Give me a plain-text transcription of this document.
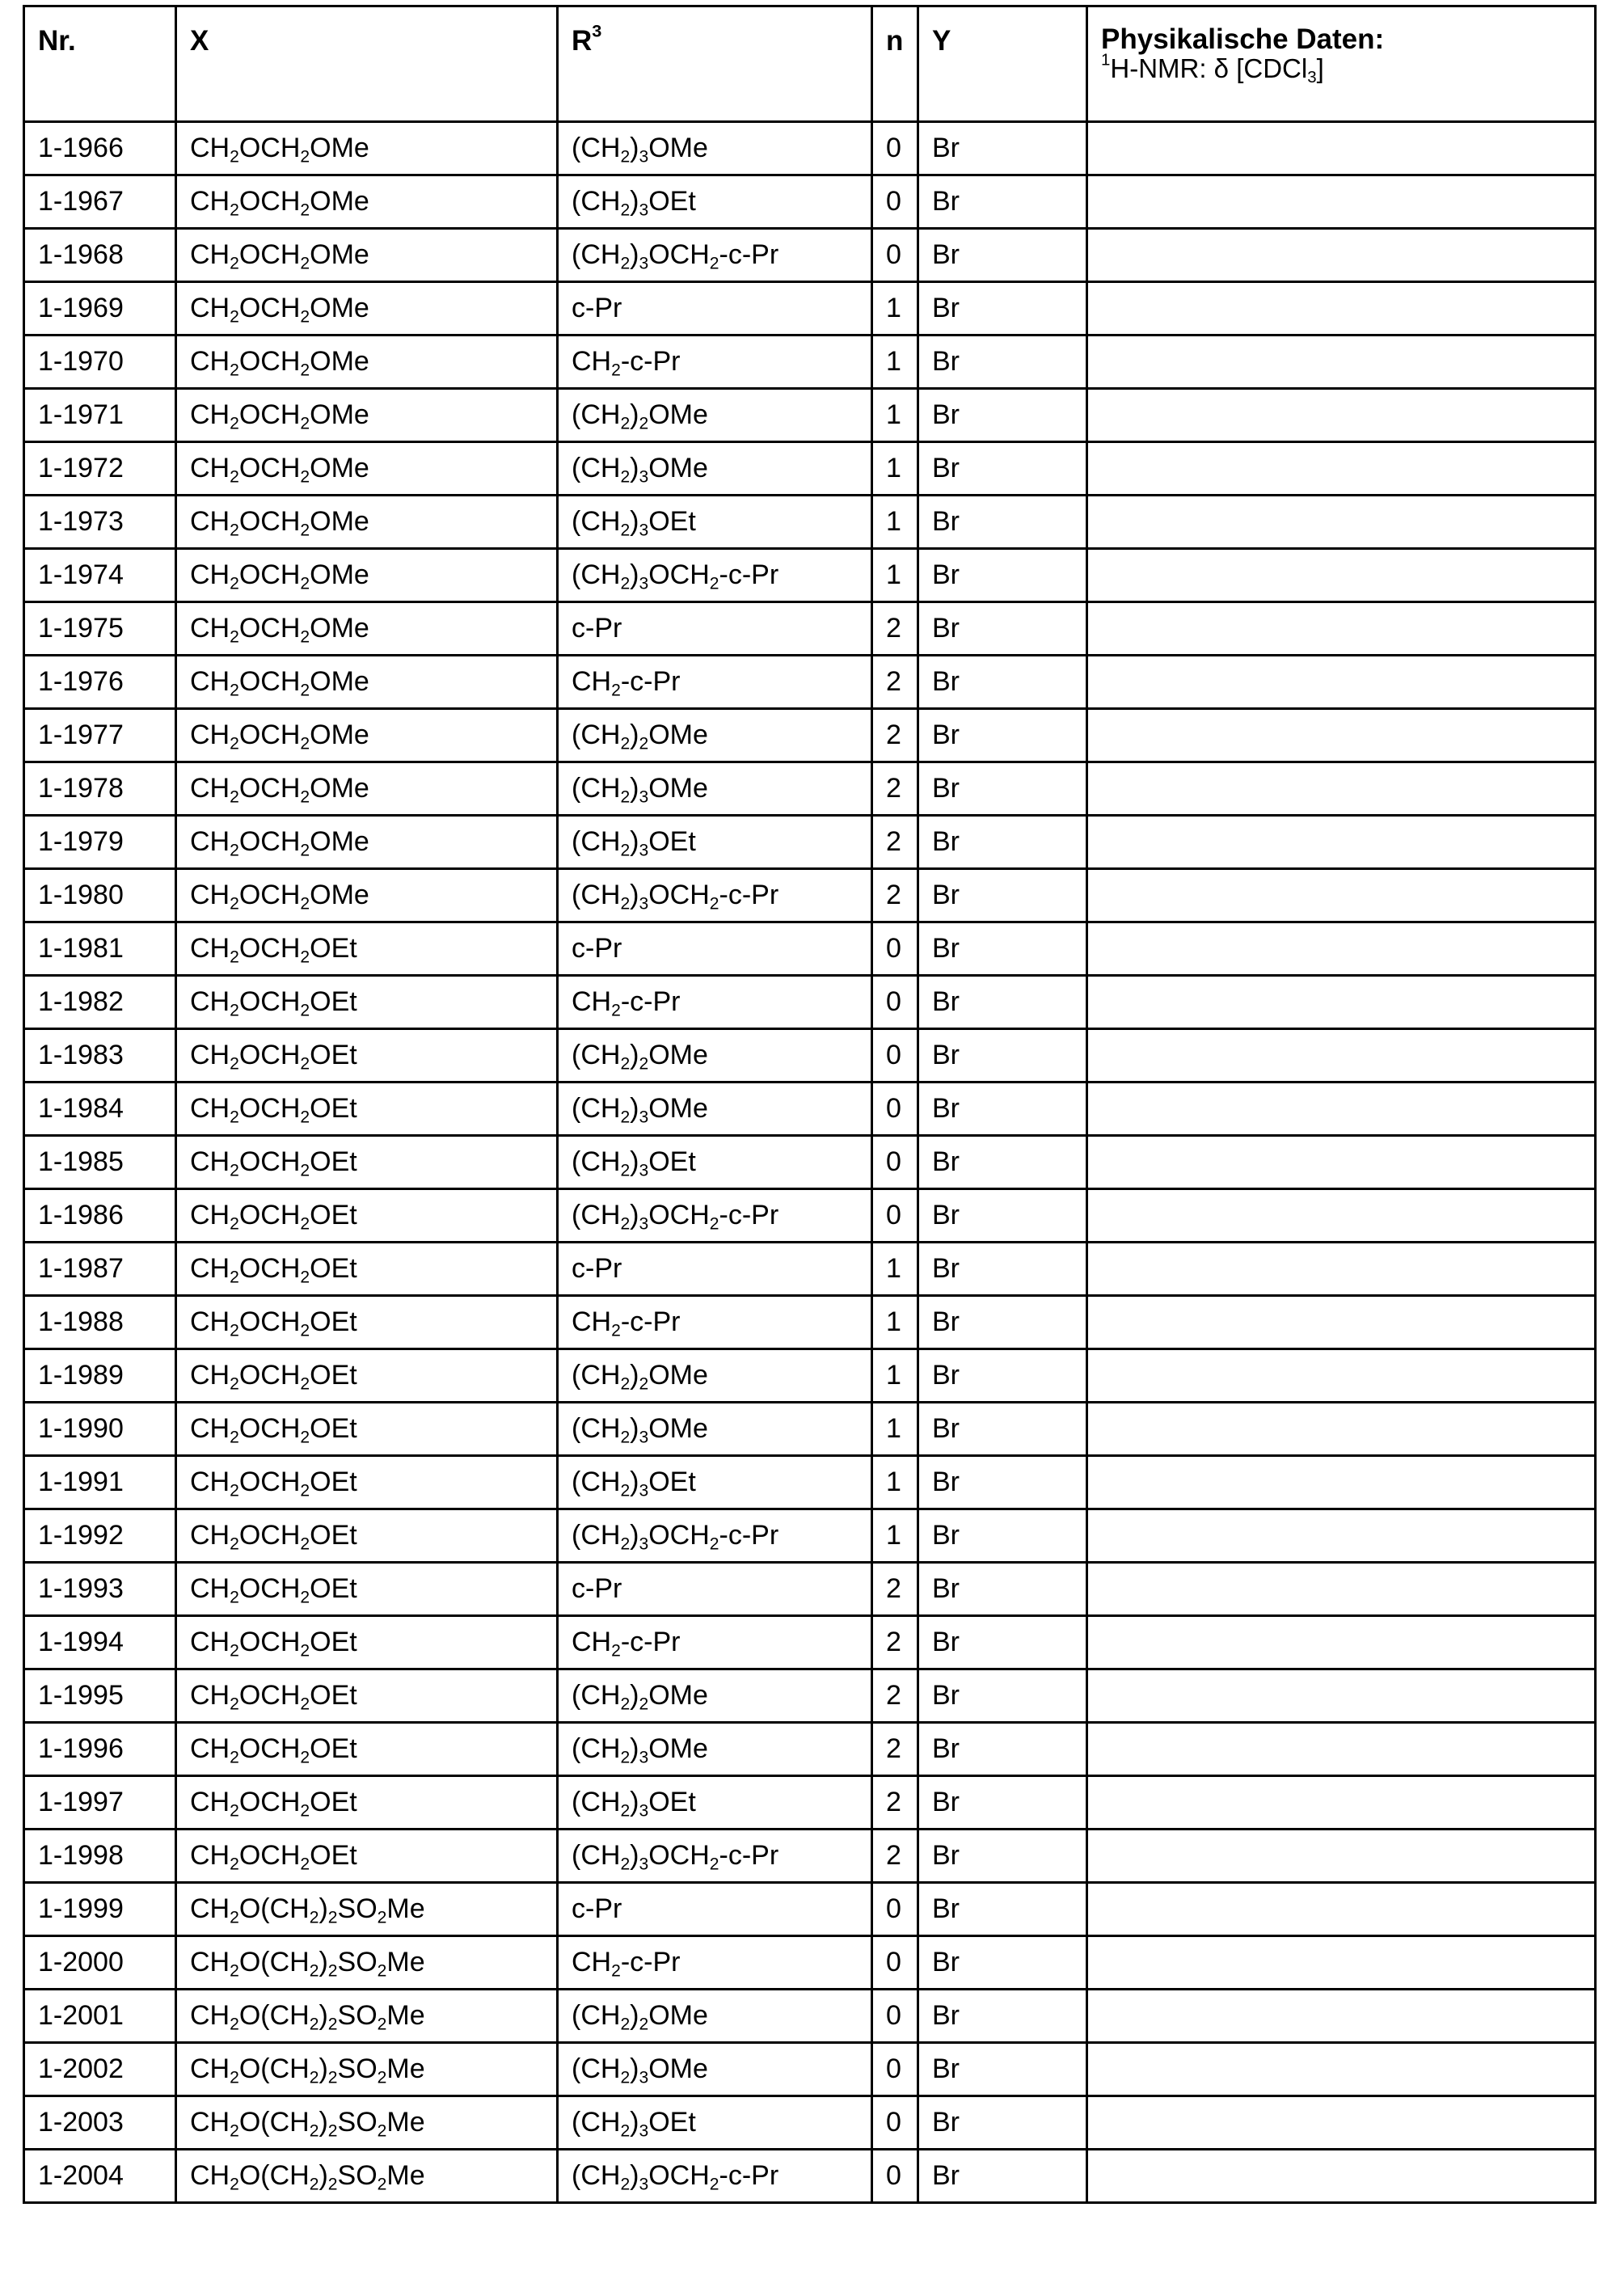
Nr.	X	$R^3$	n	Y	Physikalische Daten:
$^1$H-NMR: δ [CDCl$_3$]

1-1966	$CH_2OCH_2OMe$	$(CH_2)_3OMe$	0	Br	
1-1967	$CH_2OCH_2OMe$	$(CH_2)_3OEt$	0	Br	
1-1968	$CH_2OCH_2OMe$	$(CH_2)_3OCH_2-c-Pr$	0	Br	
1-1969	$CH_2OCH_2OMe$	c-Pr	1	Br	
1-1970	$CH_2OCH_2OMe$	$CH_2-c-Pr$	1	Br	
1-1971	$CH_2OCH_2OMe$	$(CH_2)_2OMe$	1	Br	
1-1972	$CH_2OCH_2OMe$	$(CH_2)_3OMe$	1	Br	
1-1973	$CH_2OCH_2OMe$	$(CH_2)_3OEt$	1	Br	
1-1974	$CH_2OCH_2OMe$	$(CH_2)_3OCH_2-c-Pr$	1	Br	
1-1975	$CH_2OCH_2OMe$	c-Pr	2	Br	
1-1976	$CH_2OCH_2OMe$	$CH_2-c-Pr$	2	Br	
1-1977	$CH_2OCH_2OMe$	$(CH_2)_2OMe$	2	Br	
1-1978	$CH_2OCH_2OMe$	$(CH_2)_3OMe$	2	Br	
1-1979	$CH_2OCH_2OMe$	$(CH_2)_3OEt$	2	Br	
1-1980	$CH_2OCH_2OMe$	$(CH_2)_3OCH_2-c-Pr$	2	Br	
1-1981	$CH_2OCH_2OEt$	c-Pr	0	Br	
1-1982	$CH_2OCH_2OEt$	$CH_2-c-Pr$	0	Br	
1-1983	$CH_2OCH_2OEt$	$(CH_2)_2OMe$	0	Br	
1-1984	$CH_2OCH_2OEt$	$(CH_2)_3OMe$	0	Br	
1-1985	$CH_2OCH_2OEt$	$(CH_2)_3OEt$	0	Br	
1-1986	$CH_2OCH_2OEt$	$(CH_2)_3OCH_2-c-Pr$	0	Br	
1-1987	$CH_2OCH_2OEt$	c-Pr	1	Br	
1-1988	$CH_2OCH_2OEt$	$CH_2-c-Pr$	1	Br	
1-1989	$CH_2OCH_2OEt$	$(CH_2)_2OMe$	1	Br	
1-1990	$CH_2OCH_2OEt$	$(CH_2)_3OMe$	1	Br	
1-1991	$CH_2OCH_2OEt$	$(CH_2)_3OEt$	1	Br	
1-1992	$CH_2OCH_2OEt$	$(CH_2)_3OCH_2-c-Pr$	1	Br	
1-1993	$CH_2OCH_2OEt$	c-Pr	2	Br	
1-1994	$CH_2OCH_2OEt$	$CH_2-c-Pr$	2	Br	
1-1995	$CH_2OCH_2OEt$	$(CH_2)_2OMe$	2	Br	
1-1996	$CH_2OCH_2OEt$	$(CH_2)_3OMe$	2	Br	
1-1997	$CH_2OCH_2OEt$	$(CH_2)_3OEt$	2	Br	
1-1998	$CH_2OCH_2OEt$	$(CH_2)_3OCH_2-c-Pr$	2	Br	
1-1999	$CH_2O(CH_2)_2SO_2Me$	c-Pr	0	Br	
1-2000	$CH_2O(CH_2)_2SO_2Me$	$CH_2-c-Pr$	0	Br	
1-2001	$CH_2O(CH_2)_2SO_2Me$	$(CH_2)_2OMe$	0	Br	
1-2002	$CH_2O(CH_2)_2SO_2Me$	$(CH_2)_3OMe$	0	Br	
1-2003	$CH_2O(CH_2)_2SO_2Me$	$(CH_2)_3OEt$	0	Br	
1-2004	$CH_2O(CH_2)_2SO_2Me$	$(CH_2)_3OCH_2-c-Pr$	0	Br	
